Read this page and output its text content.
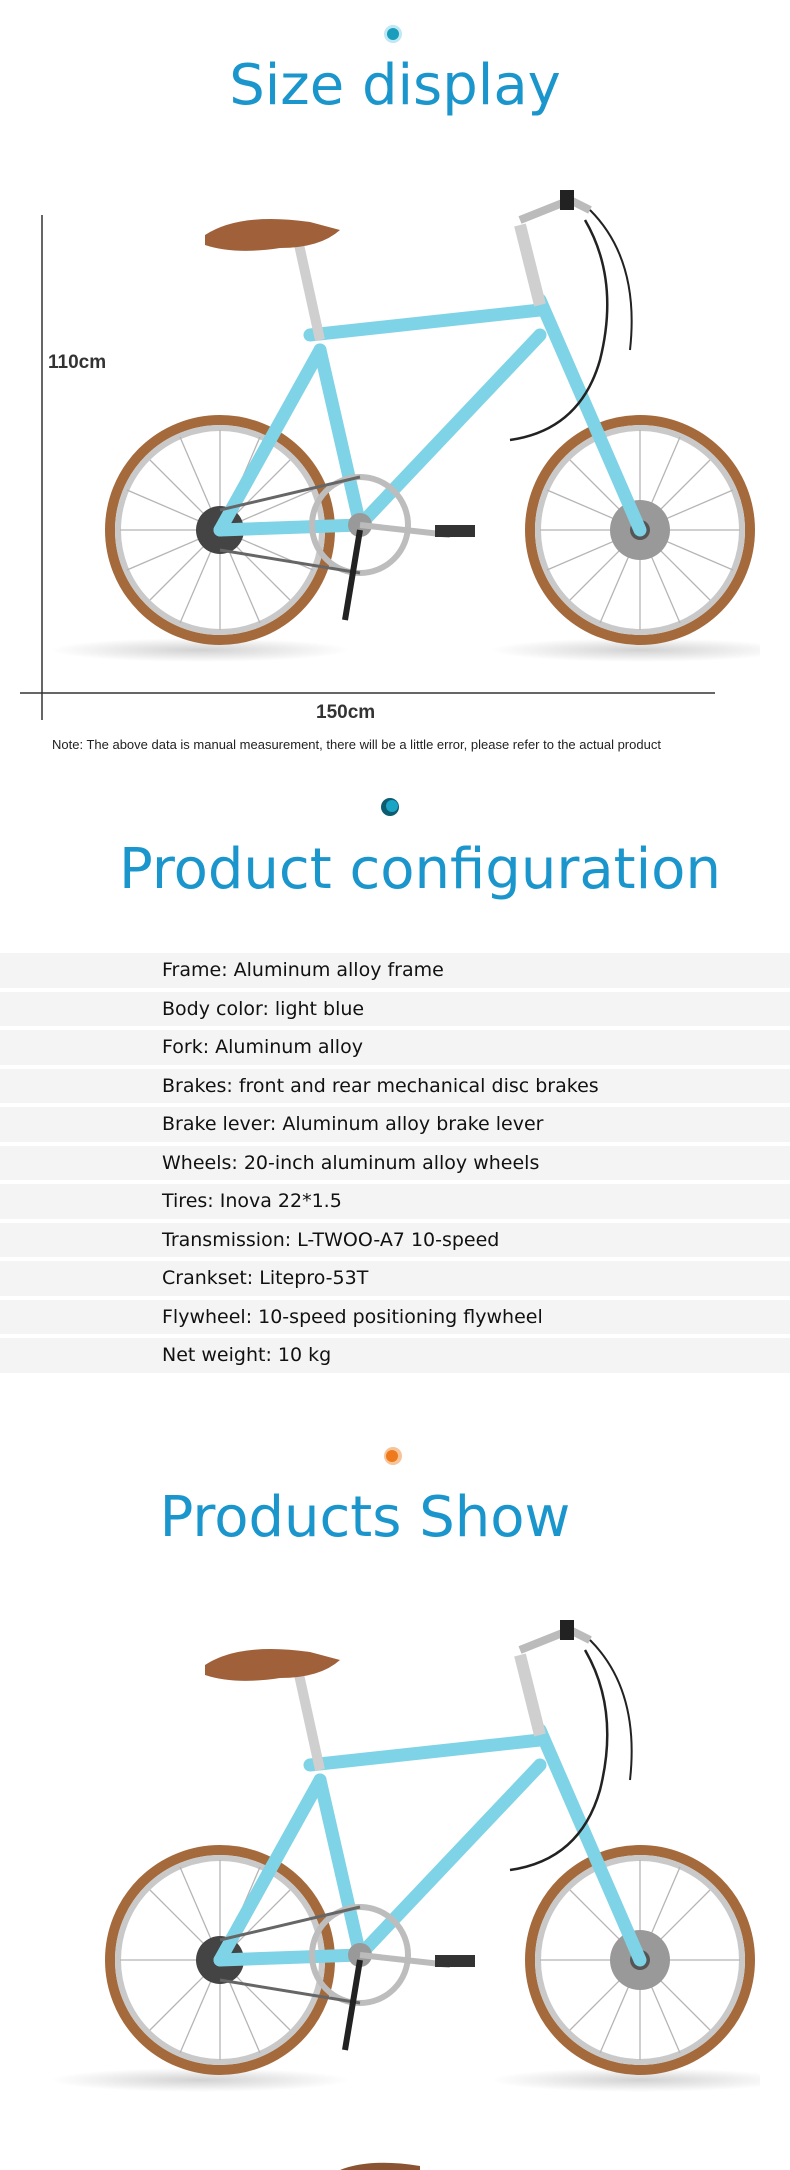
Size display
110cm
150cm
Note: The above data is manual measurement, there will be a little error, please refer to the actual product
Product configuration
Frame: Aluminum alloy frame
Body color: light blue
Fork: Aluminum alloy
Brakes: front and rear mechanical disc brakes
Brake lever: Aluminum alloy brake lever
Wheels: 20-inch aluminum alloy wheels
Tires: Inova 22*1.5
Transmission: L-TWOO-A7 10-speed
Crankset: Litepro-53T
Flywheel: 10-speed positioning flywheel
Net weight: 10 kg
Products Show
